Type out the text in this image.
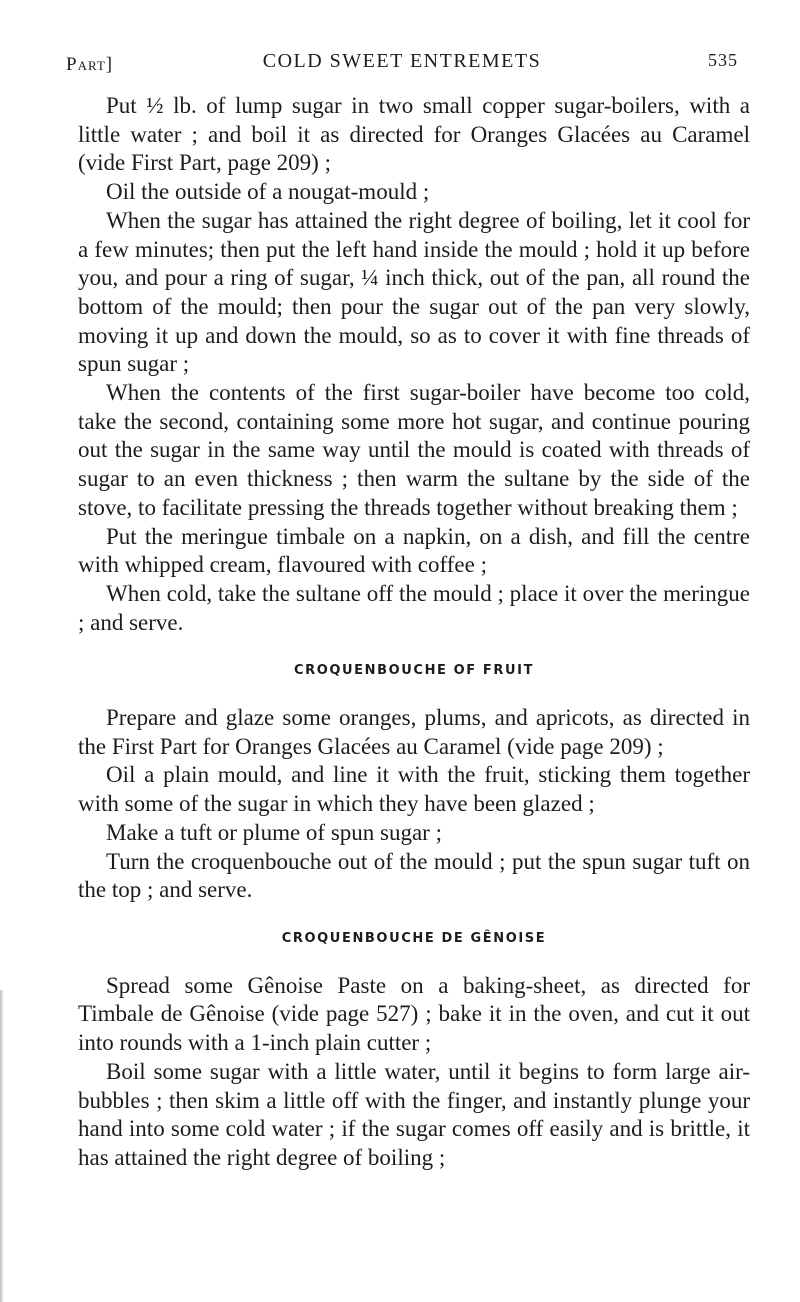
Part]	COLD SWEET ENTREMETS	535

Put ½ lb. of lump sugar in two small copper sugar-boilers, with a little water ; and boil it as directed for Oranges Glacées au Caramel (vide First Part, page 209) ;

Oil the outside of a nougat-mould ;

When the sugar has attained the right degree of boiling, let it cool for a few minutes; then put the left hand inside the mould ; hold it up before you, and pour a ring of sugar, ¼ inch thick, out of the pan, all round the bottom of the mould; then pour the sugar out of the pan very slowly, moving it up and down the mould, so as to cover it with fine threads of spun sugar ;

When the contents of the first sugar-boiler have become too cold, take the second, containing some more hot sugar, and continue pouring out the sugar in the same way until the mould is coated with threads of sugar to an even thickness ; then warm the sultane by the side of the stove, to facilitate pressing the threads together without breaking them ;

Put the meringue timbale on a napkin, on a dish, and fill the centre with whipped cream, flavoured with coffee ;

When cold, take the sultane off the mould ; place it over the meringue ; and serve.

CROQUENBOUCHE OF FRUIT

Prepare and glaze some oranges, plums, and apricots, as directed in the First Part for Oranges Glacées au Caramel (vide page 209) ;

Oil a plain mould, and line it with the fruit, sticking them together with some of the sugar in which they have been glazed ;

Make a tuft or plume of spun sugar ;

Turn the croquenbouche out of the mould ; put the spun sugar tuft on the top ; and serve.

CROQUENBOUCHE DE GÊNOISE

Spread some Gênoise Paste on a baking-sheet, as directed for Timbale de Gênoise (vide page 527) ; bake it in the oven, and cut it out into rounds with a 1-inch plain cutter ;

Boil some sugar with a little water, until it begins to form large air-bubbles ; then skim a little off with the finger, and instantly plunge your hand into some cold water ; if the sugar comes off easily and is brittle, it has attained the right degree of boiling ;
